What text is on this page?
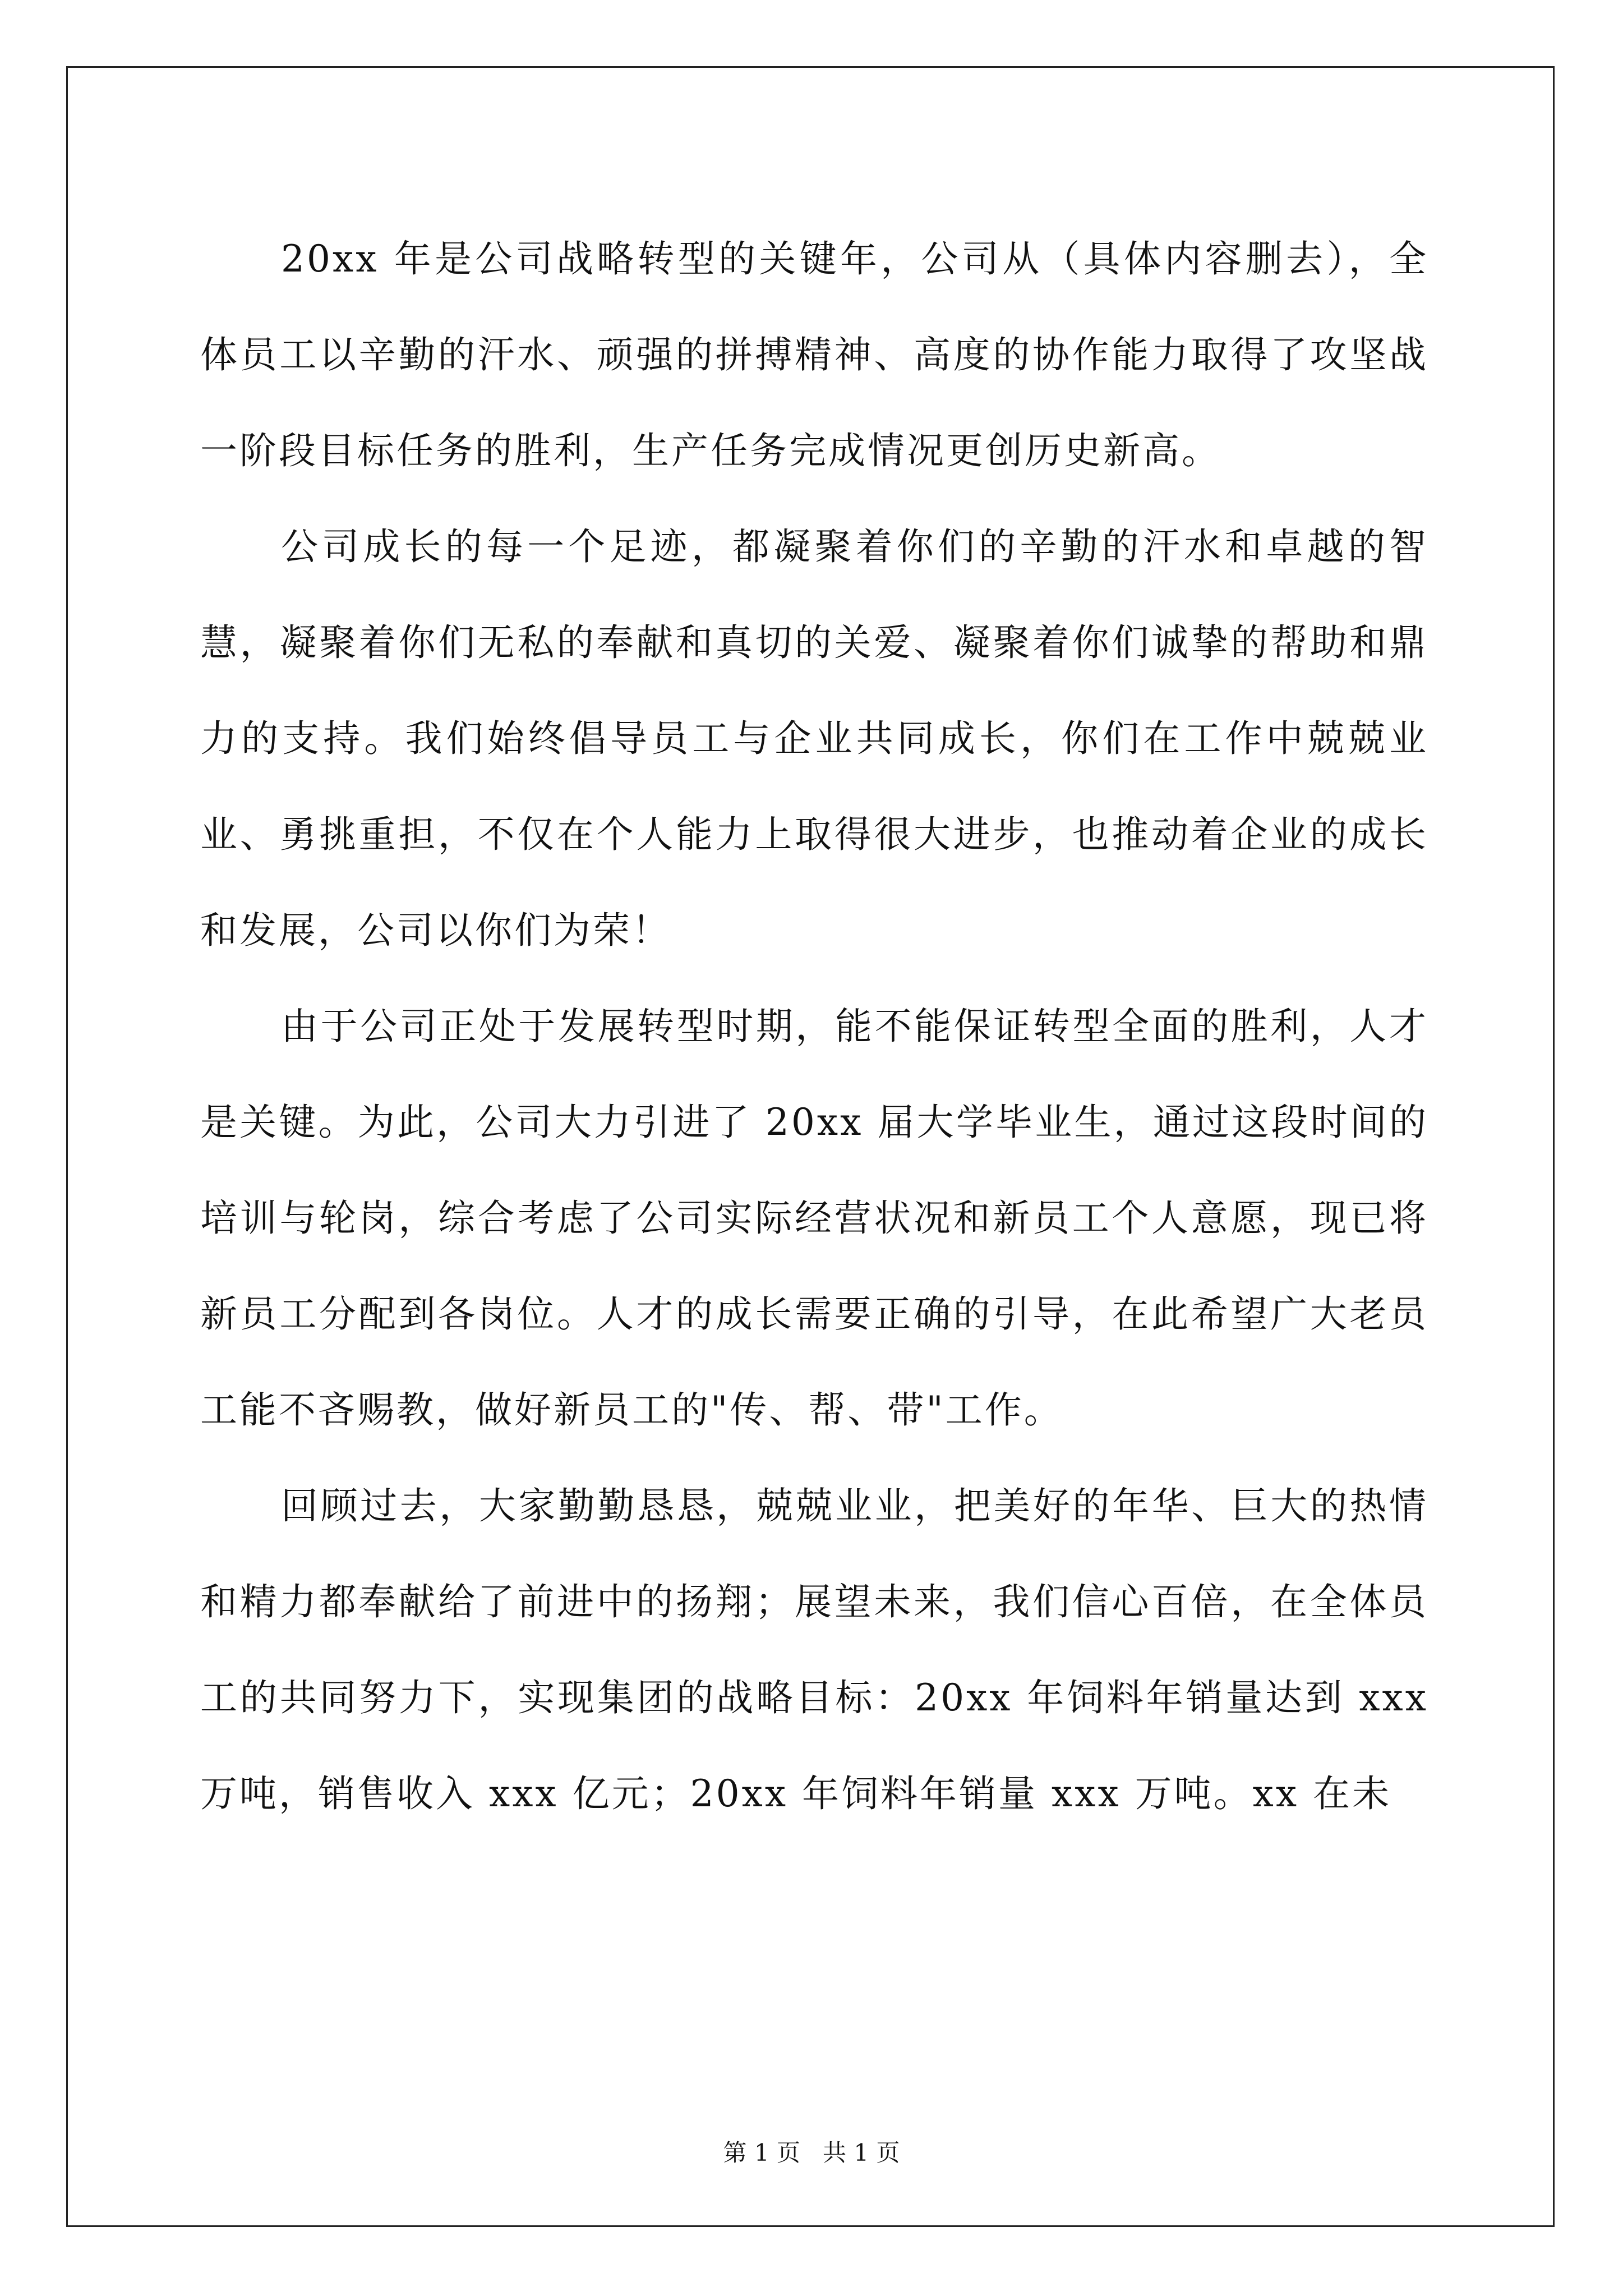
20xx 年是公司战略转型的关键年，公司从（具体内容删去），全体员工以辛勤的汗水、顽强的拼搏精神、高度的协作能力取得了攻坚战一阶段目标任务的胜利，生产任务完成情况更创历史新高。

公司成长的每一个足迹，都凝聚着你们的辛勤的汗水和卓越的智慧，凝聚着你们无私的奉献和真切的关爱、凝聚着你们诚挚的帮助和鼎力的支持。我们始终倡导员工与企业共同成长，你们在工作中兢兢业业、勇挑重担，不仅在个人能力上取得很大进步，也推动着企业的成长和发展，公司以你们为荣！

由于公司正处于发展转型时期，能不能保证转型全面的胜利，人才是关键。为此，公司大力引进了 20xx 届大学毕业生，通过这段时间的培训与轮岗，综合考虑了公司实际经营状况和新员工个人意愿，现已将新员工分配到各岗位。人才的成长需要正确的引导，在此希望广大老员工能不吝赐教，做好新员工的"传、帮、带"工作。

回顾过去，大家勤勤恳恳，兢兢业业，把美好的年华、巨大的热情和精力都奉献给了前进中的扬翔；展望未来，我们信心百倍，在全体员工的共同努力下，实现集团的战略目标：20xx 年饲料年销量达到 xxx 万吨，销售收入 xxx 亿元；20xx 年饲料年销量 xxx 万吨。xx 在未

第 1 页   共 1 页
